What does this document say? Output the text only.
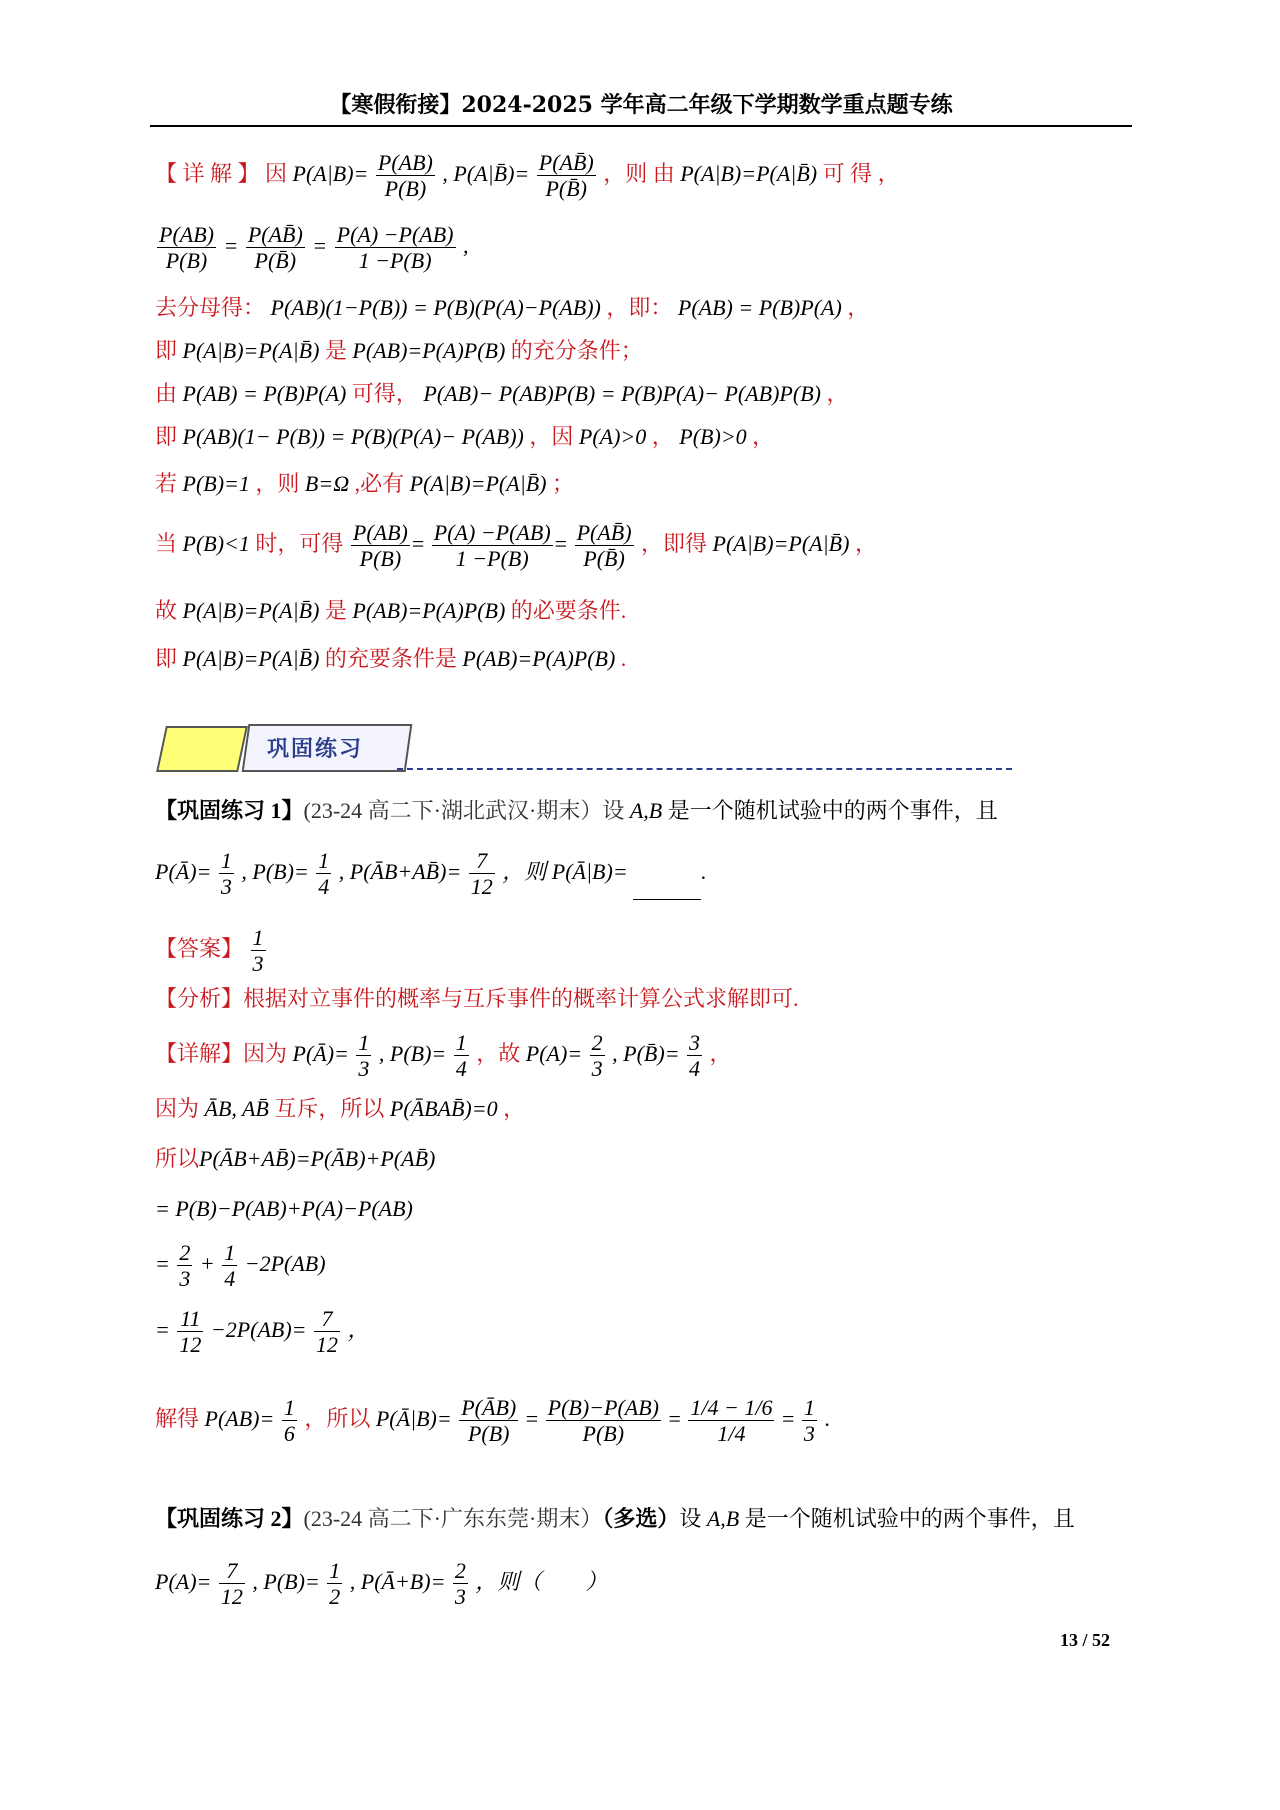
【寒假衔接】2024-2025 学年高二年级下学期数学重点题专练
【 详 解 】 因 $P(A|B)= \frac{P(AB)}{P(B)}$ , P(A|B̄)= $\frac{P(AB̄)}{P(B̄)}$ ，则 由 P(A|B)=P(A|B̄) 可 得 ，
$\frac{P(AB)}{P(B)} = \frac{P(AB̄)}{P(B̄)} = \frac{P(A) -P(AB)}{1 -P(B)}$ ,
去分母得： P(AB)(1−P(B)) = P(B)(P(A)−P(AB)) ，即： P(AB) = P(B)P(A) ，
即 P(A|B)=P(A|B̄) 是 P(AB)=P(A)P(B) 的充分条件；
由 P(AB) = P(B)P(A) 可得， P(AB)− P(AB)P(B) = P(B)P(A)− P(AB)P(B) ，
即 P(AB)(1− P(B)) = P(B)(P(A)− P(AB)) ，因 P(A)>0 ， P(B)>0 ，
若 P(B)=1 ，则 B=Ω ,必有 P(A|B)=P(A|B̄) ；
当 P(B)<1 时，可得 $\frac{P(AB)}{P(B)} = \frac{P(A) -P(AB)}{1 -P(B)} = \frac{P(AB̄)}{P(B̄)}$ ，即得 P(A|B)=P(A|B̄) ，
故 P(A|B)=P(A|B̄) 是 P(AB)=P(A)P(B) 的必要条件.
即 P(A|B)=P(A|B̄) 的充要条件是 P(AB)=P(A)P(B) .
巩固练习
【巩固练习 1】(23-24 高二下·湖北武汉·期末）设 A,B 是一个随机试验中的两个事件，且
P(Ā)= $\frac{1}{3}$ , $P(B)= \frac{1}{4}$ , P(ĀB+AB̄)= $\frac{7}{12}$ ，则 P(Ā|B)=	.
【答案】 $\frac{1}{3}$
【分析】根据对立事件的概率与互斥事件的概率计算公式求解即可.
【详解】因为 P(Ā)= $\frac{1}{3}$ , $P(B)= \frac{1}{4}$ ，故 $P(A)= \frac{2}{3}$ , P(B̄)= $\frac{3}{4}$ ，
因为 ĀB, AB̄ 互斥，所以 P(ĀBAB̄)=0 ，
所以P(ĀB+AB̄)=P(ĀB)+P(AB̄)
= P(B)−P(AB)+P(A)−P(AB)
= $\frac{2}{3} + \frac{1}{4} -2P(AB)$
= $\frac{11}{12} -2P(AB)= \frac{7}{12}$ ，
解得 $P(AB)= \frac{1}{6}$ ，所以 P(Ā|B)= $\frac{P(ĀB)}{P(B)} = \frac{P(B)-P(AB)}{P(B)} = \frac{1/4 - 1/6}{1/4} = \frac{1}{3}$ .
【巩固练习 2】(23-24 高二下·广东东莞·期末）（多选）设 A,B 是一个随机试验中的两个事件，且
$P(A)= \frac{7}{12}$ , $P(B)= \frac{1}{2}$ , P(Ā+B)= $\frac{2}{3}$ ，则（　　）
13 / 52
